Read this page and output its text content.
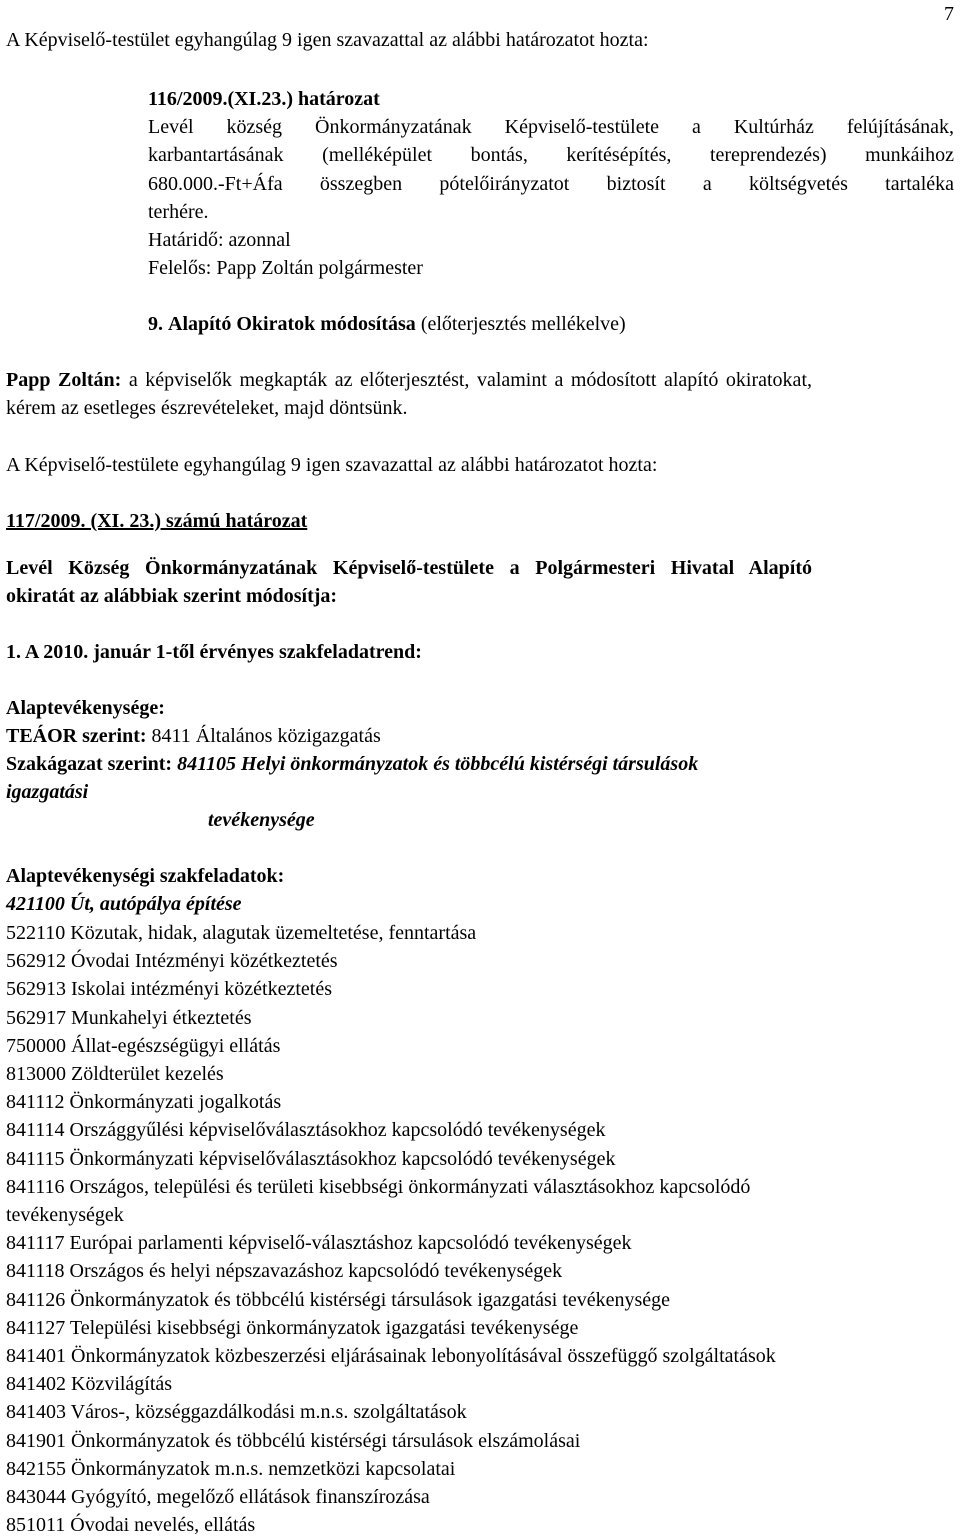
7
A Képviselő-testület egyhangúlag 9 igen szavazattal az alábbi határozatot hozta:
116/2009.(XI.23.) határozat
Levél község Önkormányzatának Képviselő-testülete a Kultúrház felújításának,
karbantartásának (melléképület bontás, kerítésépítés, tereprendezés) munkáihoz
680.000.-Ft+Áfa összegben pótelőirányzatot biztosít a költségvetés tartaléka
terhére.
Határidő: azonnal
Felelős: Papp Zoltán polgármester
9. Alapító Okiratok módosítása (előterjesztés mellékelve)
Papp Zoltán: a képviselők megkapták az előterjesztést, valamint a módosított alapító okiratokat,
kérem az esetleges észrevételeket, majd döntsünk.
A Képviselő-testülete egyhangúlag 9 igen szavazattal az alábbi határozatot hozta:
117/2009. (XI. 23.) számú határozat
Levél Község Önkormányzatának Képviselő-testülete a Polgármesteri Hivatal Alapító
okiratát az alábbiak szerint módosítja:
1. A 2010. január 1-től érvényes szakfeladatrend:
Alaptevékenysége:
TEÁOR szerint: 8411 Általános közigazgatás
Szakágazat szerint: 841105 Helyi önkormányzatok és többcélú kistérségi társulások
igazgatási
tevékenysége
Alaptevékenységi szakfeladatok:
421100 Út, autópálya építése
522110 Közutak, hidak, alagutak üzemeltetése, fenntartása
562912 Óvodai Intézményi közétkeztetés
562913 Iskolai intézményi közétkeztetés
562917 Munkahelyi étkeztetés
750000 Állat-egészségügyi ellátás
813000 Zöldterület kezelés
841112 Önkormányzati jogalkotás
841114 Országgyűlési képviselőválasztásokhoz kapcsolódó tevékenységek
841115 Önkormányzati képviselőválasztásokhoz kapcsolódó tevékenységek
841116 Országos, települési és területi kisebbségi önkormányzati választásokhoz kapcsolódó
tevékenységek
841117 Európai parlamenti képviselő-választáshoz kapcsolódó tevékenységek
841118 Országos és helyi népszavazáshoz kapcsolódó tevékenységek
841126 Önkormányzatok és többcélú kistérségi társulások igazgatási tevékenysége
841127 Települési kisebbségi önkormányzatok igazgatási tevékenysége
841401 Önkormányzatok közbeszerzési eljárásainak lebonyolításával összefüggő szolgáltatások
841402 Közvilágítás
841403 Város-, községgazdálkodási m.n.s. szolgáltatások
841901 Önkormányzatok és többcélú kistérségi társulások elszámolásai
842155 Önkormányzatok m.n.s. nemzetközi kapcsolatai
843044 Gyógyító, megelőző ellátások finanszírozása
851011 Óvodai nevelés, ellátás
